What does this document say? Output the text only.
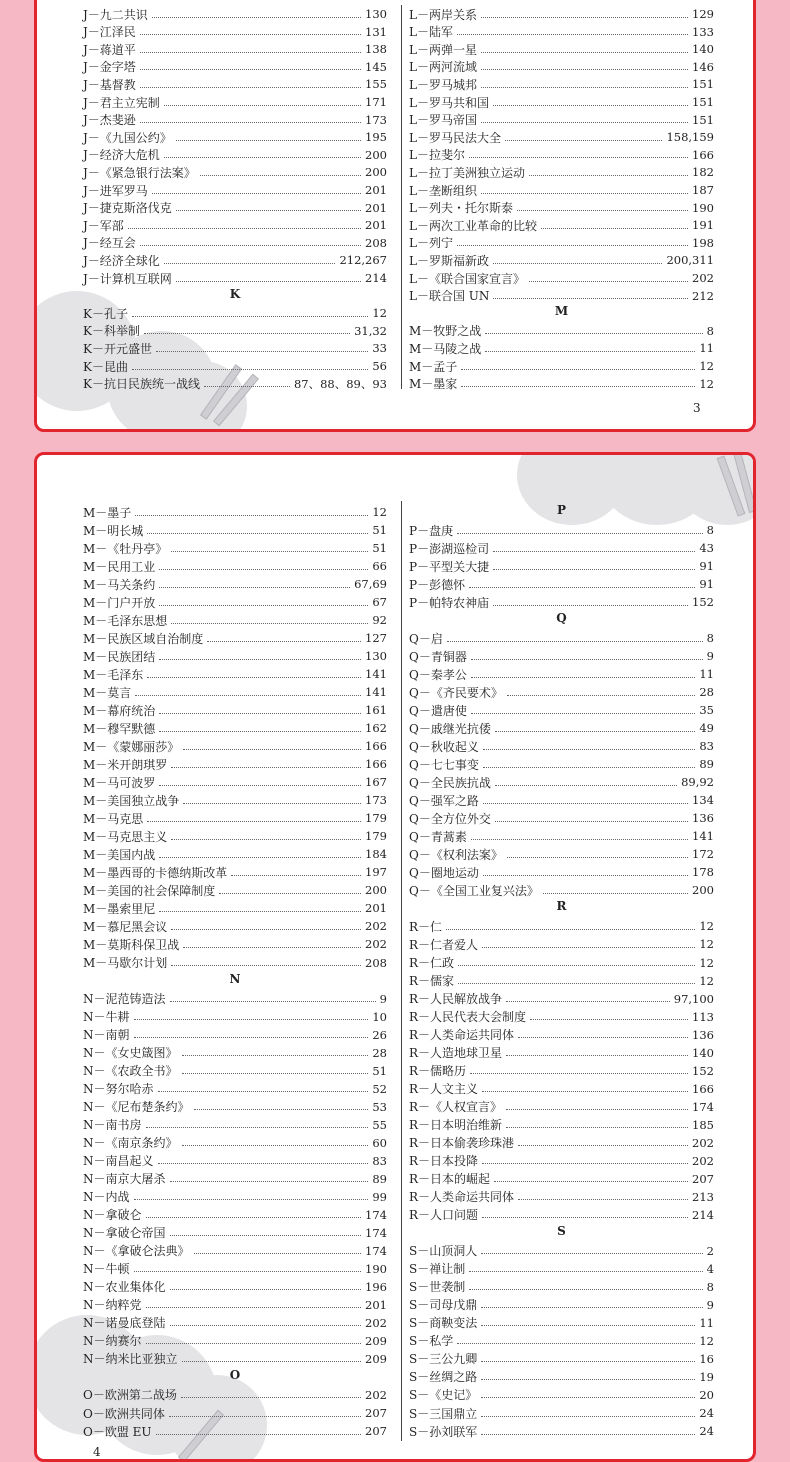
J－九二共识	130
J－江泽民	131
J－蒋道平	138
J－金字塔	145
J－基督教	155
J－君主立宪制	171
J－杰斐逊	173
J－《九国公约》	195
J－经济大危机	200
J－《紧急银行法案》	200
J－进军罗马	201
J－捷克斯洛伐克	201
J－军部	201
J－经互会	208
J－经济全球化	212,267
J－计算机互联网	214
K
K－孔子	12
K－科举制	31,32
K－开元盛世	33
K－昆曲	56
K－抗日民族统一战线	87、88、89、93
L－两岸关系	129
L－陆军	133
L－两弹一星	140
L－两河流域	146
L－罗马城邦	151
L－罗马共和国	151
L－罗马帝国	151
L－罗马民法大全	158,159
L－拉斐尔	166
L－拉丁美洲独立运动	182
L－垄断组织	187
L－列夫・托尔斯泰	190
L－两次工业革命的比较	191
L－列宁	198
L－罗斯福新政	200,311
L－《联合国家宣言》	202
L－联合国 UN	212
M
M－牧野之战	8
M－马陵之战	11
M－孟子	12
M－墨家	12
3
M－墨子	12
M－明长城	51
M－《牡丹亭》	51
M－民用工业	66
M－马关条约	67,69
M－门户开放	67
M－毛泽东思想	92
M－民族区域自治制度	127
M－民族团结	130
M－毛泽东	141
M－莫言	141
M－幕府统治	161
M－穆罕默德	162
M－《蒙娜丽莎》	166
M－米开朗琪罗	166
M－马可波罗	167
M－美国独立战争	173
M－马克思	179
M－马克思主义	179
M－美国内战	184
M－墨西哥的卡德纳斯改革	197
M－美国的社会保障制度	200
M－墨索里尼	201
M－慕尼黑会议	202
M－莫斯科保卫战	202
M－马歇尔计划	208
N
N－泥范铸造法	9
N－牛耕	10
N－南朝	26
N－《女史箴图》	28
N－《农政全书》	51
N－努尔哈赤	52
N－《尼布楚条约》	53
N－南书房	55
N－《南京条约》	60
N－南昌起义	83
N－南京大屠杀	89
N－内战	99
N－拿破仑	174
N－拿破仑帝国	174
N－《拿破仑法典》	174
N－牛顿	190
N－农业集体化	196
N－纳粹党	201
N－诺曼底登陆	202
N－纳赛尔	209
N－纳米比亚独立	209
O
O－欧洲第二战场	202
O－欧洲共同体	207
O－欧盟 EU	207
P
P－盘庚	8
P－澎湖巡检司	43
P－平型关大捷	91
P－彭德怀	91
P－帕特农神庙	152
Q
Q－启	8
Q－青铜器	9
Q－秦孝公	11
Q－《齐民要术》	28
Q－遣唐使	35
Q－戚继光抗倭	49
Q－秋收起义	83
Q－七七事变	89
Q－全民族抗战	89,92
Q－强军之路	134
Q－全方位外交	136
Q－青蒿素	141
Q－《权利法案》	172
Q－圈地运动	178
Q－《全国工业复兴法》	200
R
R－仁	12
R－仁者爱人	12
R－仁政	12
R－儒家	12
R－人民解放战争	97,100
R－人民代表大会制度	113
R－人类命运共同体	136
R－人造地球卫星	140
R－儒略历	152
R－人文主义	166
R－《人权宣言》	174
R－日本明治维新	185
R－日本偷袭珍珠港	202
R－日本投降	202
R－日本的崛起	207
R－人类命运共同体	213
R－人口问题	214
S
S－山顶洞人	2
S－禅让制	4
S－世袭制	8
S－司母戊鼎	9
S－商鞅变法	11
S－私学	12
S－三公九卿	16
S－丝绸之路	19
S－《史记》	20
S－三国鼎立	24
S－孙刘联军	24
4
